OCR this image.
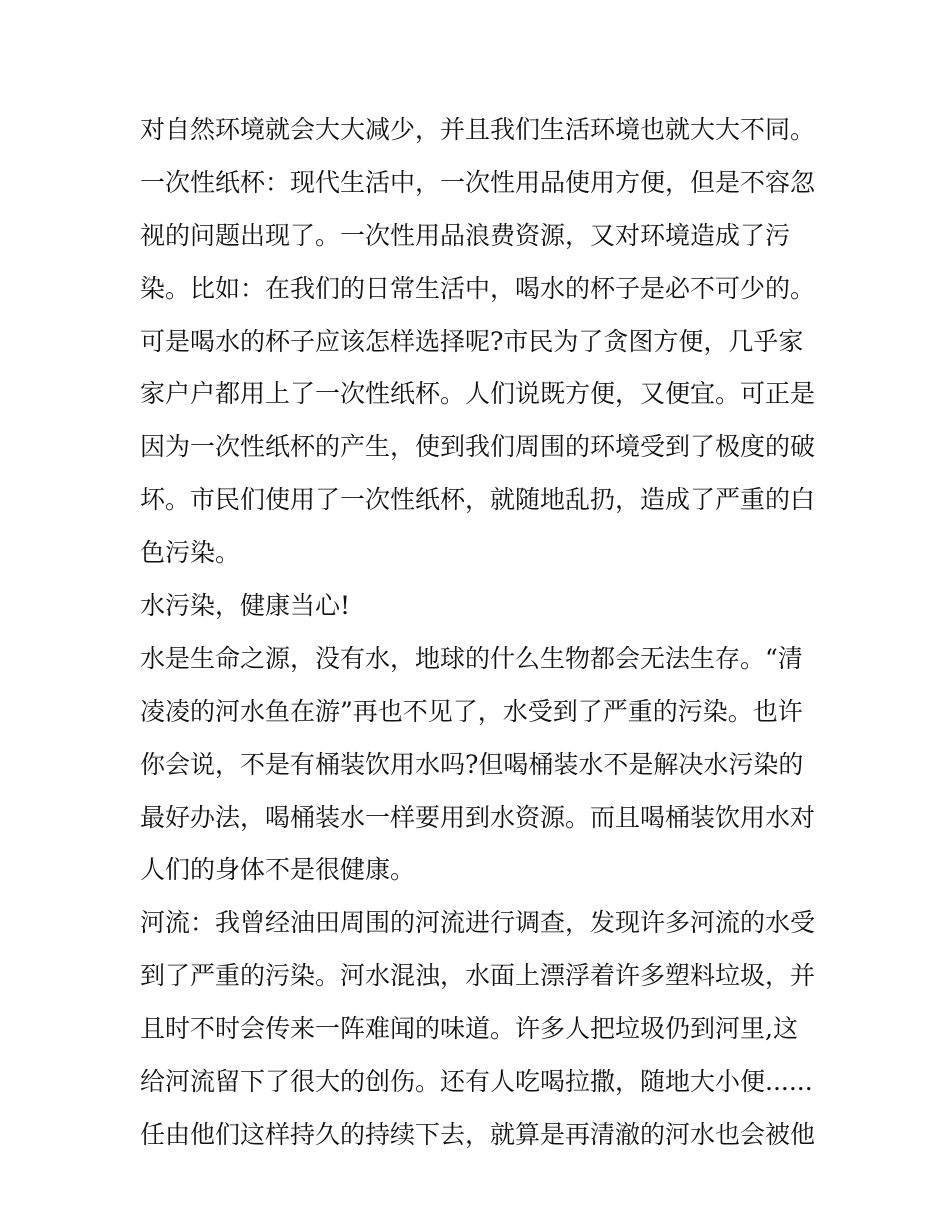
对自然环境就会大大减少，并且我们生活环境也就大大不同。
一次性纸杯：现代生活中，一次性用品使用方便，但是不容忽
视的问题出现了。一次性用品浪费资源，又对环境造成了污
染。比如：在我们的日常生活中，喝水的杯子是必不可少的。
可是喝水的杯子应该怎样选择呢?市民为了贪图方便，几乎家
家户户都用上了一次性纸杯。人们说既方便，又便宜。可正是
因为一次性纸杯的产生，使到我们周围的环境受到了极度的破
坏。市民们使用了一次性纸杯，就随地乱扔，造成了严重的白
色污染。
水污染，健康当心!
水是生命之源，没有水，地球的什么生物都会无法生存。“清
凌凌的河水鱼在游”再也不见了，水受到了严重的污染。也许
你会说，不是有桶装饮用水吗?但喝桶装水不是解决水污染的
最好办法，喝桶装水一样要用到水资源。而且喝桶装饮用水对
人们的身体不是很健康。
河流：我曾经油田周围的河流进行调查，发现许多河流的水受
到了严重的污染。河水混浊，水面上漂浮着许多塑料垃圾，并
且时不时会传来一阵难闻的味道。许多人把垃圾仍到河里,这
给河流留下了很大的创伤。还有人吃喝拉撒，随地大小便......
任由他们这样持久的持续下去，就算是再清澈的河水也会被他
